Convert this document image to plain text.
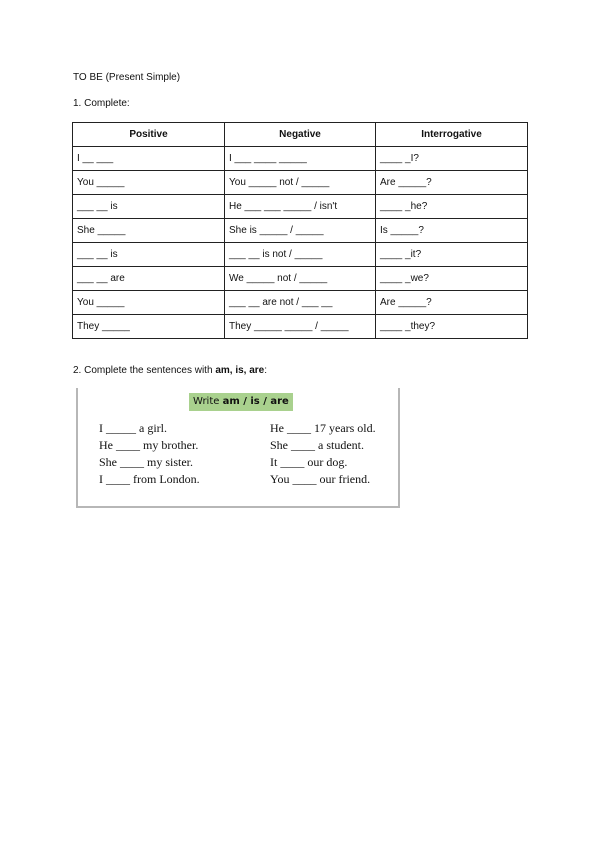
TO BE (Present Simple)
1. Complete:
Positive	Negative	Interrogative
I __ ___	I ___ ____ _____	____ _I?
You _____	You _____ not / _____	Are _____?
___ __ is	He ___ ___ _____ / isn't	____ _he?
She _____	She is _____ / _____	Is _____?
___ __ is	___ __ is not / _____	____ _it?
___ __ are	We _____ not / _____	____ _we?
You _____	___ __ are not / ___ __	Are _____?
They _____	They _____ _____ / _____	____ _they?
2. Complete the sentences with am, is, are:
Write am / is / are
I _____ a girl.
He ____ my brother.
She ____ my sister.
I ____ from London.
He ____ 17 years old.
She ____ a student.
It ____ our dog.
You ____ our friend.
